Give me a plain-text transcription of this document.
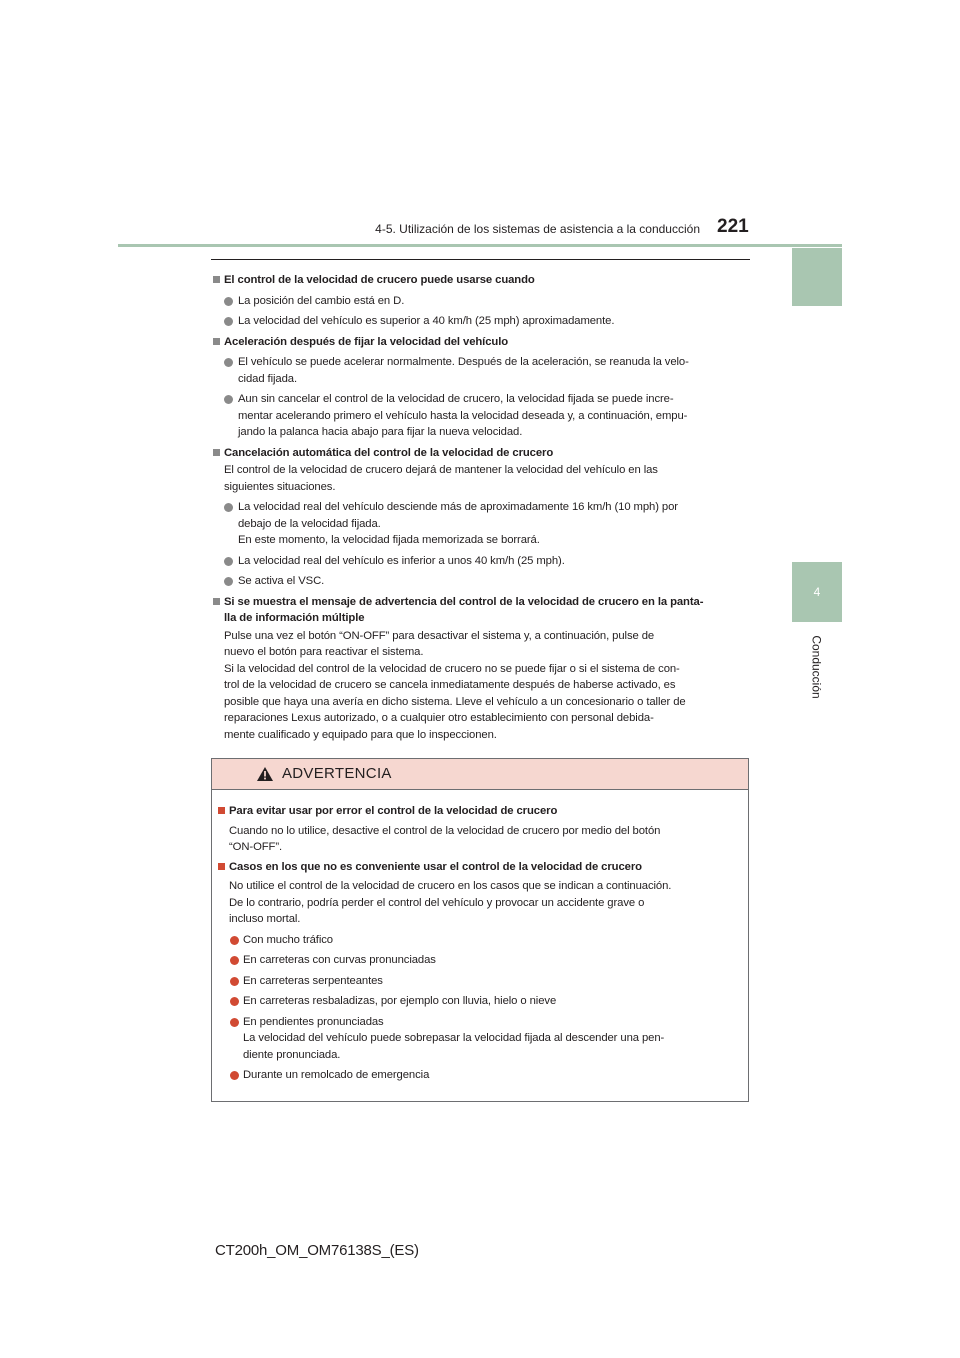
4-5. Utilización de los sistemas de asistencia a la conducción 221
4
Conducción
El control de la velocidad de crucero puede usarse cuando
La posición del cambio está en D.
La velocidad del vehículo es superior a 40 km/h (25 mph) aproximadamente.
Aceleración después de fijar la velocidad del vehículo
El vehículo se puede acelerar normalmente. Después de la aceleración, se reanuda la velo-
cidad fijada.
Aun sin cancelar el control de la velocidad de crucero, la velocidad fijada se puede incre-
mentar acelerando primero el vehículo hasta la velocidad deseada y, a continuación, empu-
jando la palanca hacia abajo para fijar la nueva velocidad.
Cancelación automática del control de la velocidad de crucero
El control de la velocidad de crucero dejará de mantener la velocidad del vehículo en las
siguientes situaciones.
La velocidad real del vehículo desciende más de aproximadamente 16 km/h (10 mph) por
debajo de la velocidad fijada.
En este momento, la velocidad fijada memorizada se borrará.
La velocidad real del vehículo es inferior a unos 40 km/h (25 mph).
Se activa el VSC.
Si se muestra el mensaje de advertencia del control de la velocidad de crucero en la panta-
lla de información múltiple
Pulse una vez el botón “ON-OFF” para desactivar el sistema y, a continuación, pulse de
nuevo el botón para reactivar el sistema.
Si la velocidad del control de la velocidad de crucero no se puede fijar o si el sistema de con-
trol de la velocidad de crucero se cancela inmediatamente después de haberse activado, es
posible que haya una avería en dicho sistema. Lleve el vehículo a un concesionario o taller de
reparaciones Lexus autorizado, o a cualquier otro establecimiento con personal debida-
mente cualificado y equipado para que lo inspeccionen.
ADVERTENCIA
Para evitar usar por error el control de la velocidad de crucero
Cuando no lo utilice, desactive el control de la velocidad de crucero por medio del botón
“ON-OFF”.
Casos en los que no es conveniente usar el control de la velocidad de crucero
No utilice el control de la velocidad de crucero en los casos que se indican a continuación.
De lo contrario, podría perder el control del vehículo y provocar un accidente grave o
incluso mortal.
Con mucho tráfico
En carreteras con curvas pronunciadas
En carreteras serpenteantes
En carreteras resbaladizas, por ejemplo con lluvia, hielo o nieve
En pendientes pronunciadas
La velocidad del vehículo puede sobrepasar la velocidad fijada al descender una pen-
diente pronunciada.
Durante un remolcado de emergencia
CT200h_OM_OM76138S_(ES)
